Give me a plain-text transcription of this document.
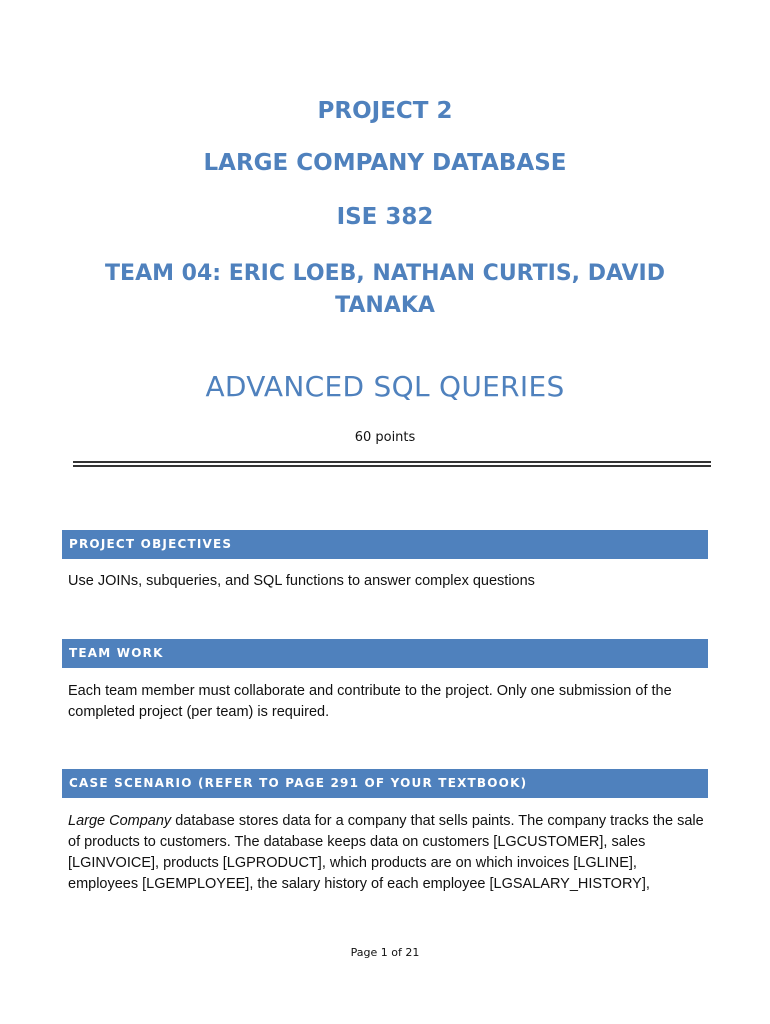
PROJECT 2
LARGE COMPANY DATABASE
ISE 382
TEAM 04: ERIC LOEB, NATHAN CURTIS, DAVID TANAKA
ADVANCED SQL QUERIES
60 points
PROJECT OBJECTIVES

Use JOINs, subqueries, and SQL functions to answer complex questions

TEAM WORK

Each team member must collaborate and contribute to the project. Only one submission of the completed project (per team) is required.

CASE SCENARIO (REFER TO PAGE 291 OF YOUR TEXTBOOK)

Large Company database stores data for a company that sells paints. The company tracks the sale of products to customers. The database keeps data on customers [LGCUSTOMER], sales [LGINVOICE], products [LGPRODUCT], which products are on which invoices [LGLINE], employees [LGEMPLOYEE], the salary history of each employee [LGSALARY_HISTORY],

Page 1 of 21
